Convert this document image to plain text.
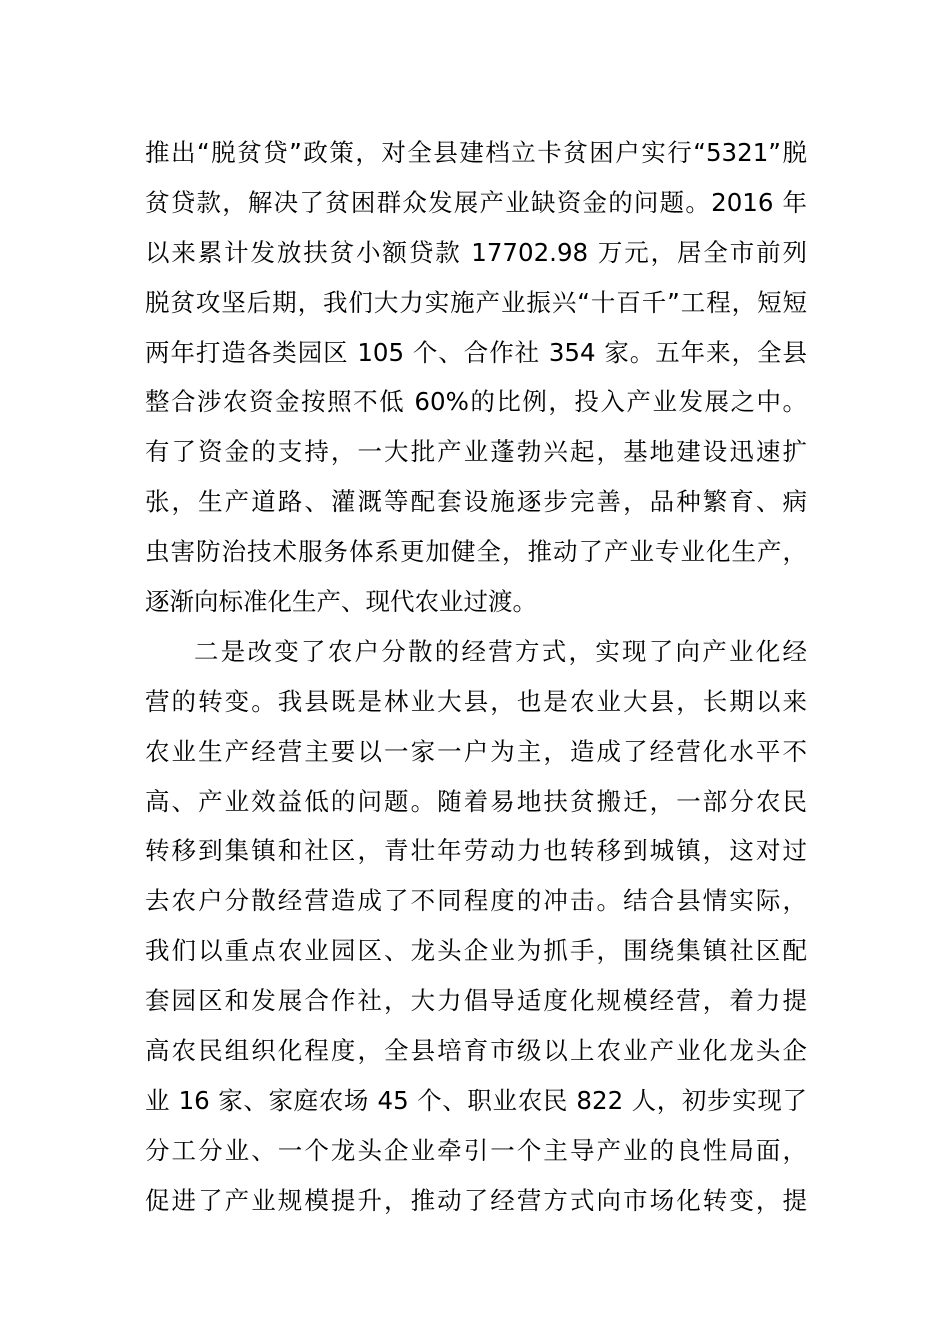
推出“脱贫贷”政策，对全县建档立卡贫困户实行“5321”脱
贫贷款，解决了贫困群众发展产业缺资金的问题。2016 年
以来累计发放扶贫小额贷款 17702.98 万元，居全市前列
脱贫攻坚后期，我们大力实施产业振兴“十百千”工程，短短
两年打造各类园区 105 个、合作社 354 家。五年来，全县
整合涉农资金按照不低 60%的比例，投入产业发展之中。
有了资金的支持，一大批产业蓬勃兴起，基地建设迅速扩
张，生产道路、灌溉等配套设施逐步完善，品种繁育、病
虫害防治技术服务体系更加健全，推动了产业专业化生产，
逐渐向标准化生产、现代农业过渡。
二是改变了农户分散的经营方式，实现了向产业化经
营的转变。我县既是林业大县，也是农业大县，长期以来
农业生产经营主要以一家一户为主，造成了经营化水平不
高、产业效益低的问题。随着易地扶贫搬迁，一部分农民
转移到集镇和社区，青壮年劳动力也转移到城镇，这对过
去农户分散经营造成了不同程度的冲击。结合县情实际，
我们以重点农业园区、龙头企业为抓手，围绕集镇社区配
套园区和发展合作社，大力倡导适度化规模经营，着力提
高农民组织化程度，全县培育市级以上农业产业化龙头企
业 16 家、家庭农场 45 个、职业农民 822 人，初步实现了
分工分业、一个龙头企业牵引一个主导产业的良性局面，
促进了产业规模提升，推动了经营方式向市场化转变，提
